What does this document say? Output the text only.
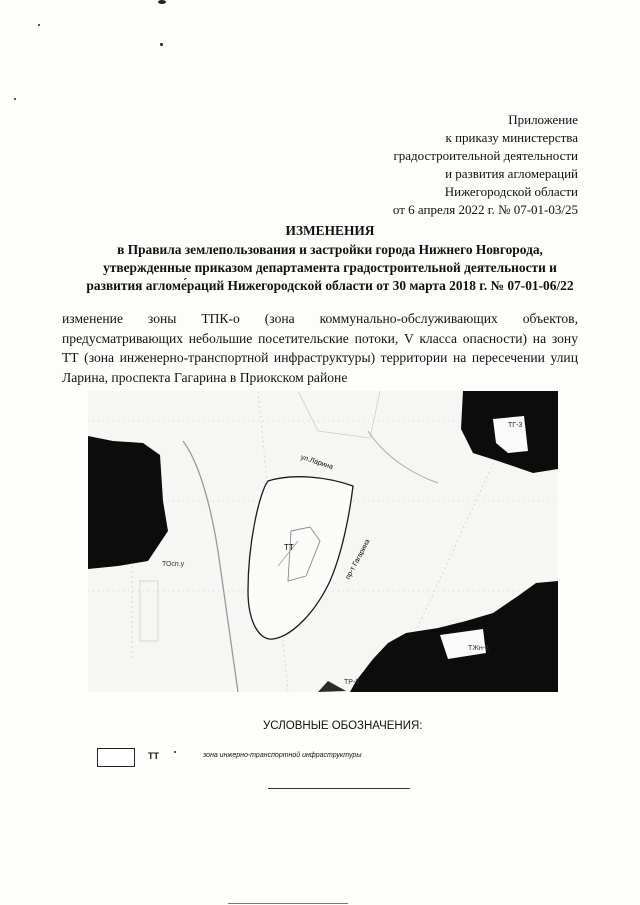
Приложение
к приказу министерства
градостроительной деятельности
и развития агломераций
Нижегородской области
от 6 апреля 2022 г. № 07-01-03/25
ИЗМЕНЕНИЯ
в Правила землепользования и застройки города Нижнего Новгорода,
утвержденные приказом департамента градостроительной деятельности и
развития агломе́раций Нижегородской области от 30 марта 2018 г. № 07-01-06/22
изменение зоны ТПК-о (зона коммунально-обслуживающих объектов, предусматривающих небольшие посетительские потоки, V класса опасности) на зону ТТ (зона инженерно-транспортной инфраструктуры) территории на пересечении улиц Ларина, проспекта Гагарина в Приокском районе
ТГ-3
ул.Ларина
пр-т Гагарина
ТТ
ТОсп.у
ТЖн-3
ТР-3
УСЛОВНЫЕ ОБОЗНАЧЕНИЯ:
ТТ	зона инжерно-транспортной инфраструктуры
